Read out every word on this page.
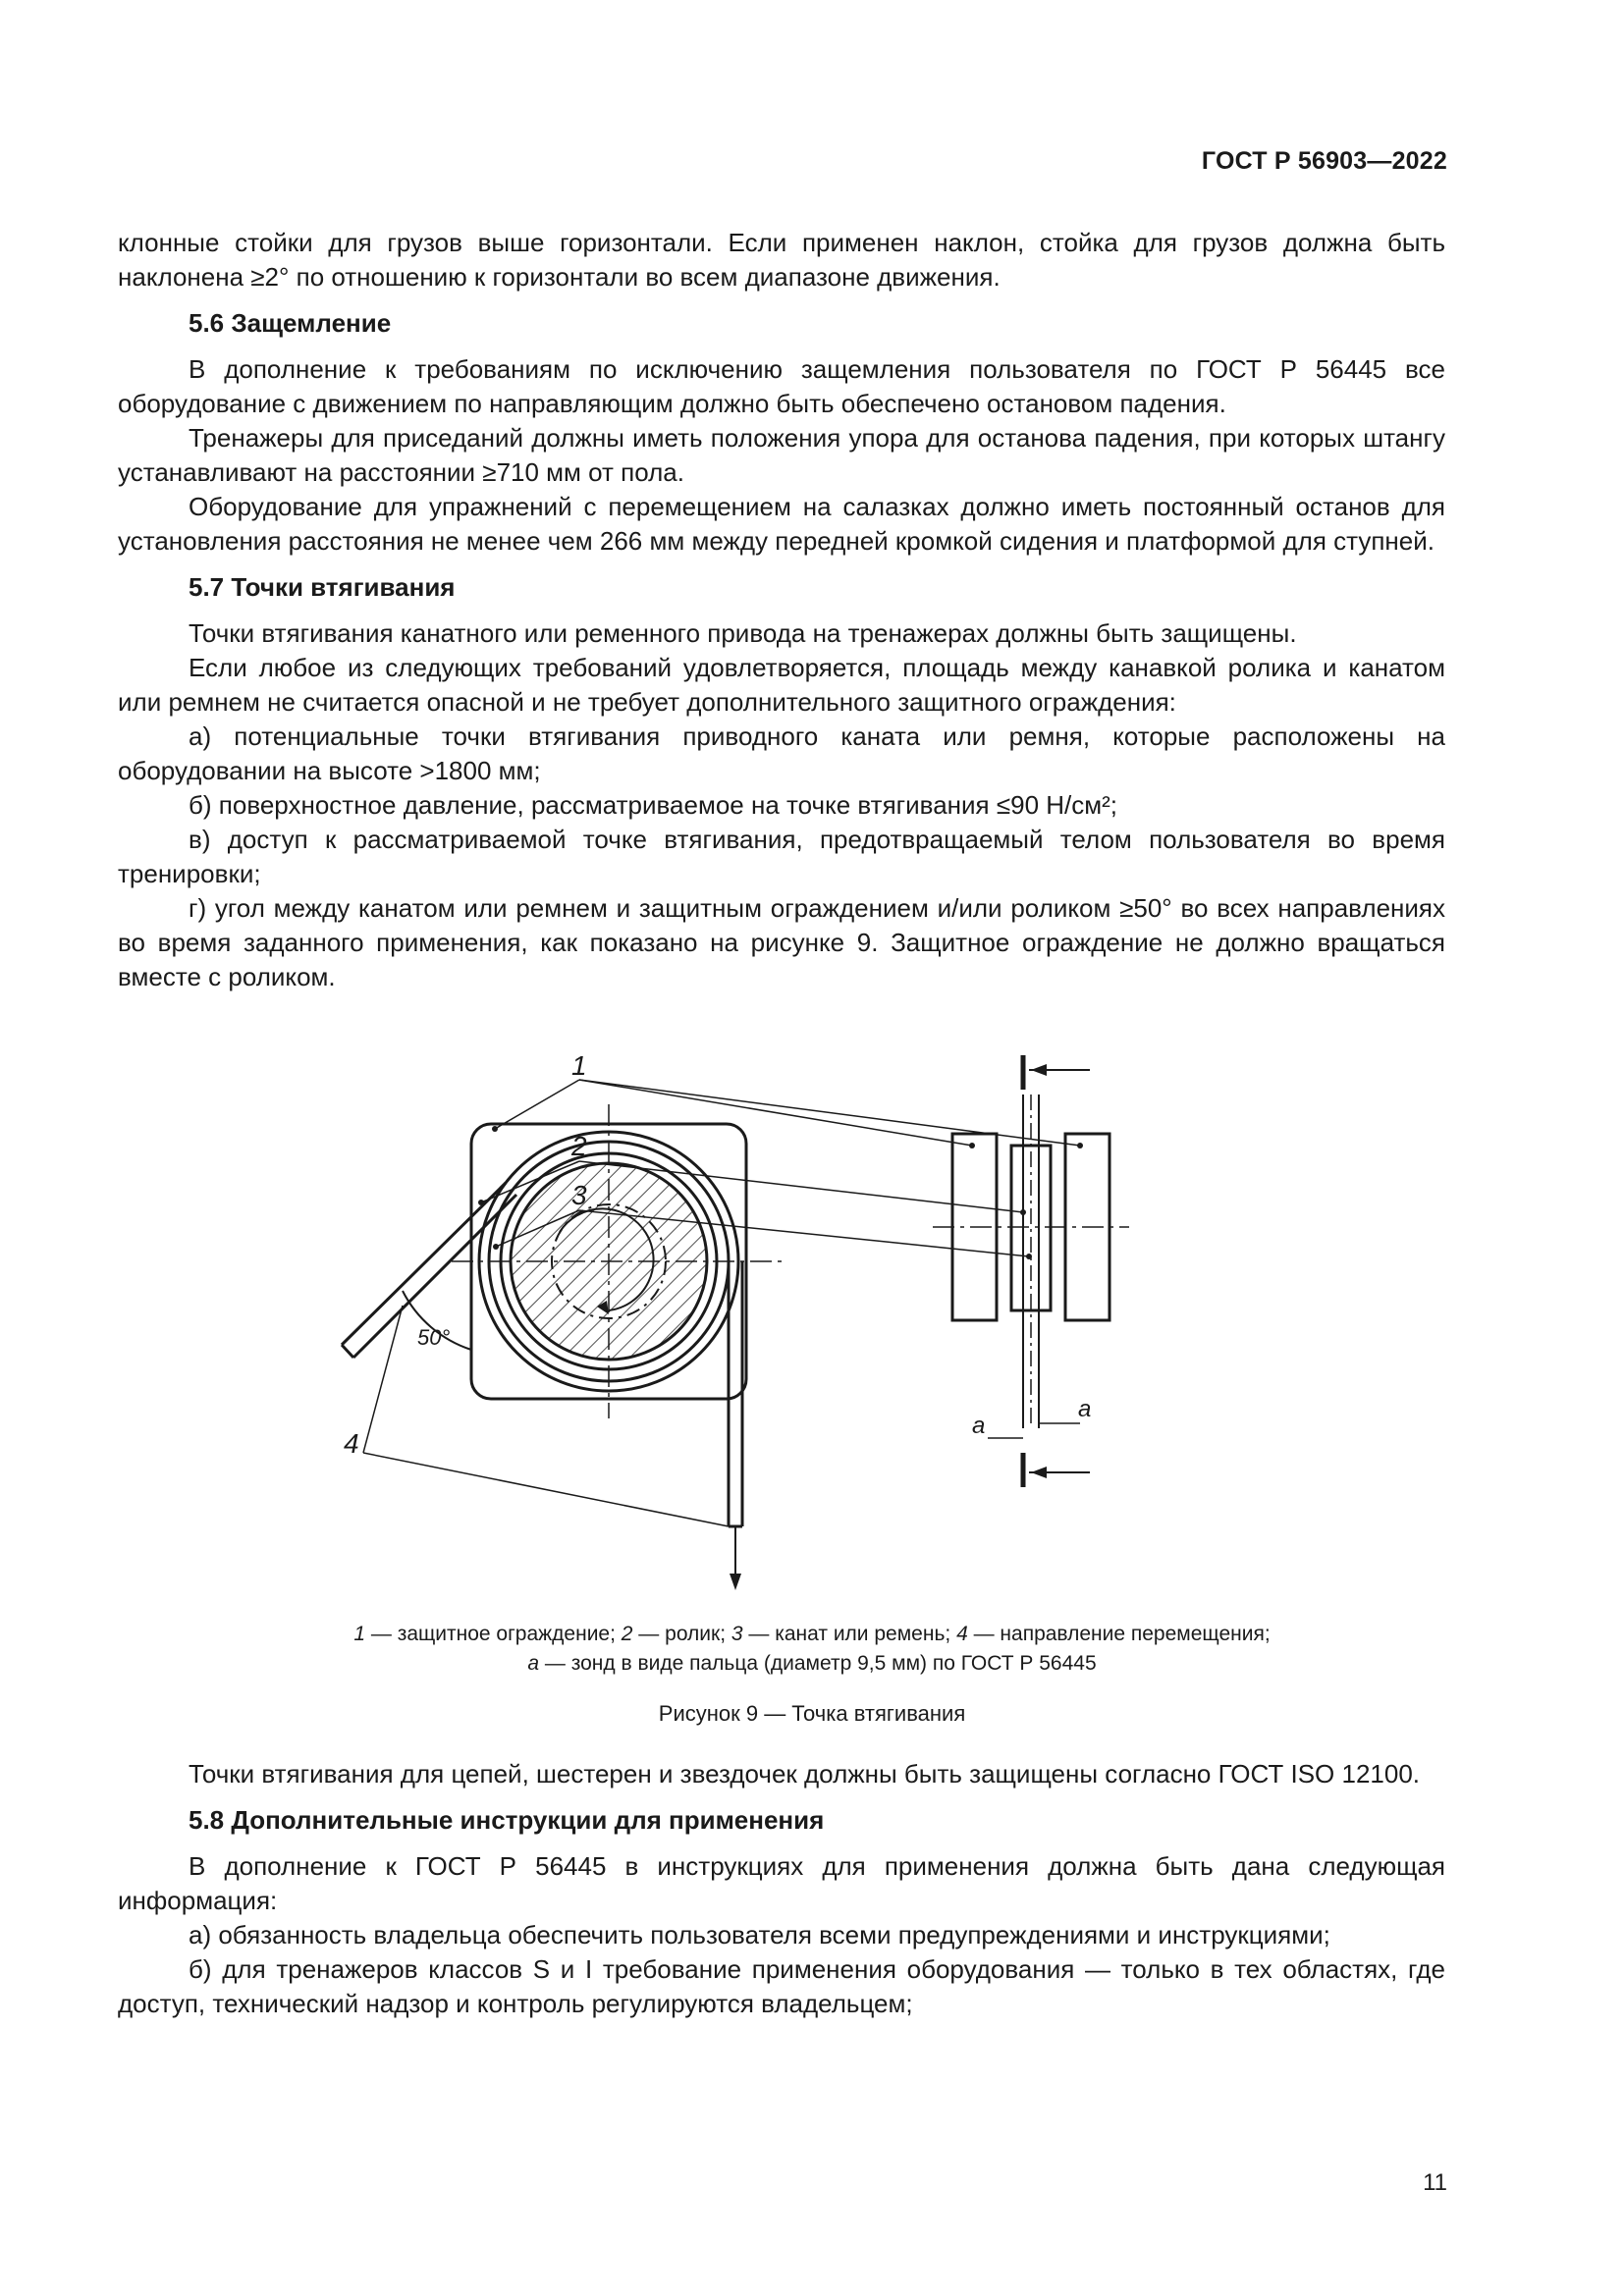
ГОСТ Р 56903—2022

клонные стойки для грузов выше горизонтали. Если применен наклон, стойка для грузов должна быть наклонена ≥2° по отношению к горизонтали во всем диапазоне движения.

5.6 Защемление

В дополнение к требованиям по исключению защемления пользователя по ГОСТ Р 56445 все оборудование с движением по направляющим должно быть обеспечено остановом падения.

Тренажеры для приседаний должны иметь положения упора для останова падения, при которых штангу устанавливают на расстоянии ≥710 мм от пола.

Оборудование для упражнений с перемещением на салазках должно иметь постоянный останов для установления расстояния не менее чем 266 мм между передней кромкой сидения и платформой для ступней.

5.7 Точки втягивания

Точки втягивания канатного или ременного привода на тренажерах должны быть защищены.

Если любое из следующих требований удовлетворяется, площадь между канавкой ролика и канатом или ремнем не считается опасной и не требует дополнительного защитного ограждения:

а) потенциальные точки втягивания приводного каната или ремня, которые расположены на оборудовании на высоте >1800 мм;

б) поверхностное давление, рассматриваемое на точке втягивания ≤90 Н/см²;

в) доступ к рассматриваемой точке втягивания, предотвращаемый телом пользователя во время тренировки;

г) угол между канатом или ремнем и защитным ограждением и/или роликом ≥50° во всех направлениях во время заданного применения, как показано на рисунке 9. Защитное ограждение не должно вращаться вместе с роликом.

1
2
3
4
50°
a
a
1 — защитное ограждение; 2 — ролик; 3 — канат или ремень; 4 — направление перемещения;
a — зонд в виде пальца (диаметр 9,5 мм) по ГОСТ Р 56445
Рисунок 9 — Точка втягивания

Точки втягивания для цепей, шестерен и звездочек должны быть защищены согласно ГОСТ ISO 12100.

5.8 Дополнительные инструкции для применения

В дополнение к ГОСТ Р 56445 в инструкциях для применения должна быть дана следующая информация:

а) обязанность владельца обеспечить пользователя всеми предупреждениями и инструкциями;

б) для тренажеров классов S и I требование применения оборудования — только в тех областях, где доступ, технический надзор и контроль регулируются владельцем;

11
